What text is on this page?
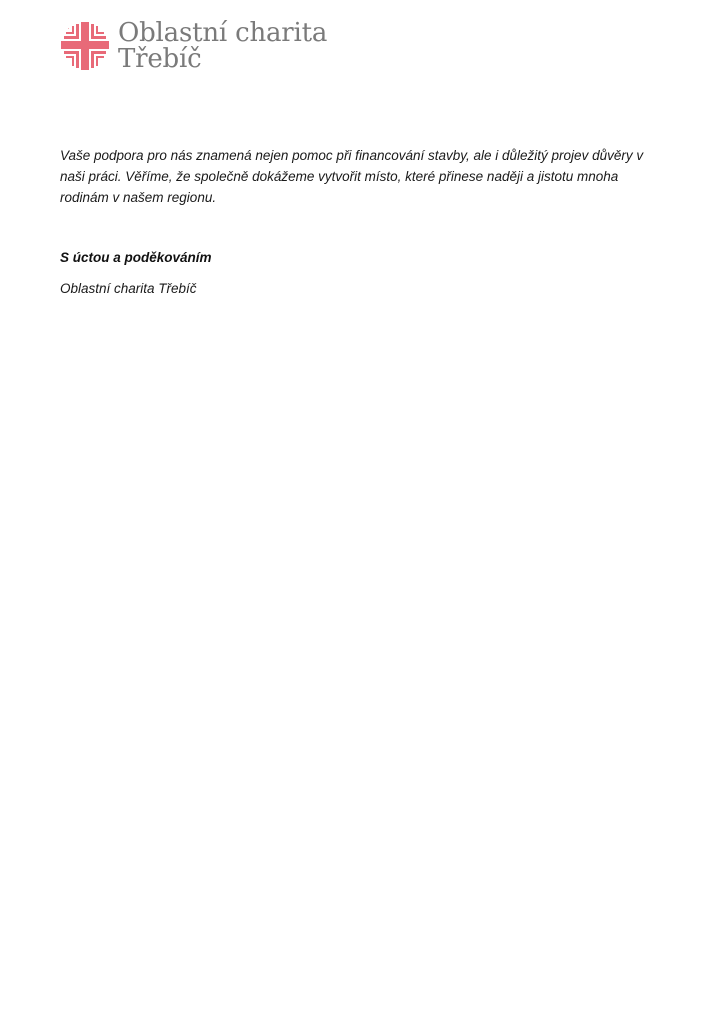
Oblastní charita
Třebíč

Vaše podpora pro nás znamená nejen pomoc při financování stavby, ale i důležitý projev důvěry v naši práci. Věříme, že společně dokážeme vytvořit místo, které přinese naději a jistotu mnoha rodinám v našem regionu.

S úctou a poděkováním

Oblastní charita Třebíč
